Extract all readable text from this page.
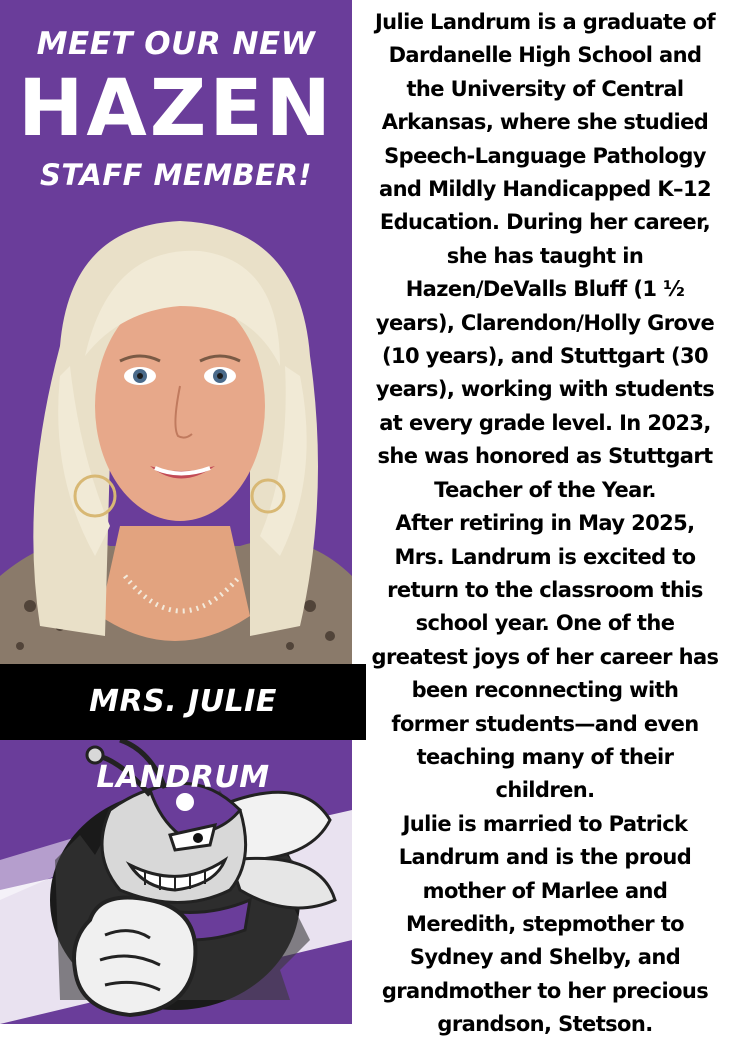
MEET OUR NEW
HAZEN
STAFF MEMBER!
MRS. JULIE LANDRUM

Julie Landrum is a graduate of Dardanelle High School and the University of Central Arkansas, where she studied Speech-Language Pathology and Mildly Handicapped K–12 Education. During her career, she has taught in Hazen/DeValls Bluff (1 ½ years), Clarendon/Holly Grove (10 years), and Stuttgart (30 years), working with students at every grade level. In 2023, she was honored as Stuttgart Teacher of the Year.

After retiring in May 2025, Mrs. Landrum is excited to return to the classroom this school year. One of the greatest joys of her career has been reconnecting with former students—and even teaching many of their children.

Julie is married to Patrick Landrum and is the proud mother of Marlee and Meredith, stepmother to Sydney and Shelby, and grandmother to her precious grandson, Stetson.
